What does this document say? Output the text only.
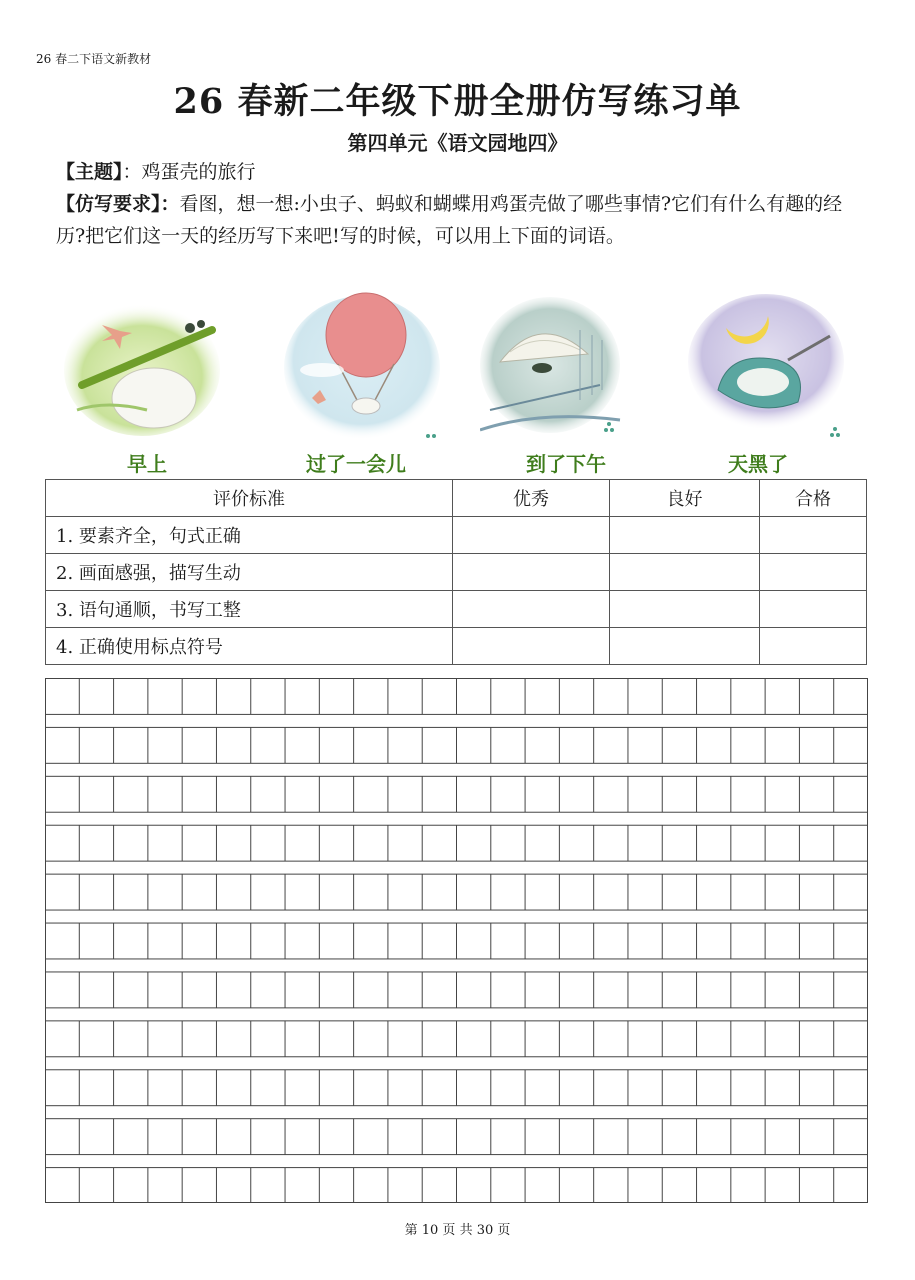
26 春二下语文新教材
26 春新二年级下册全册仿写练习单
第四单元《语文园地四》
【主题】：鸡蛋壳的旅行
【仿写要求】：看图，想一想:小虫子、蚂蚁和蝴蝶用鸡蛋壳做了哪些事情?它们有什么有趣的经历?把它们这一天的经历写下来吧!写的时候，可以用上下面的词语。
早上	过了一会儿	到了下午	天黑了
评价标准	优秀	良好	合格
1. 要素齐全，句式正确			
2. 画面感强，描写生动			
3. 语句通顺，书写工整			
4. 正确使用标点符号			
第 10 页 共 30 页
